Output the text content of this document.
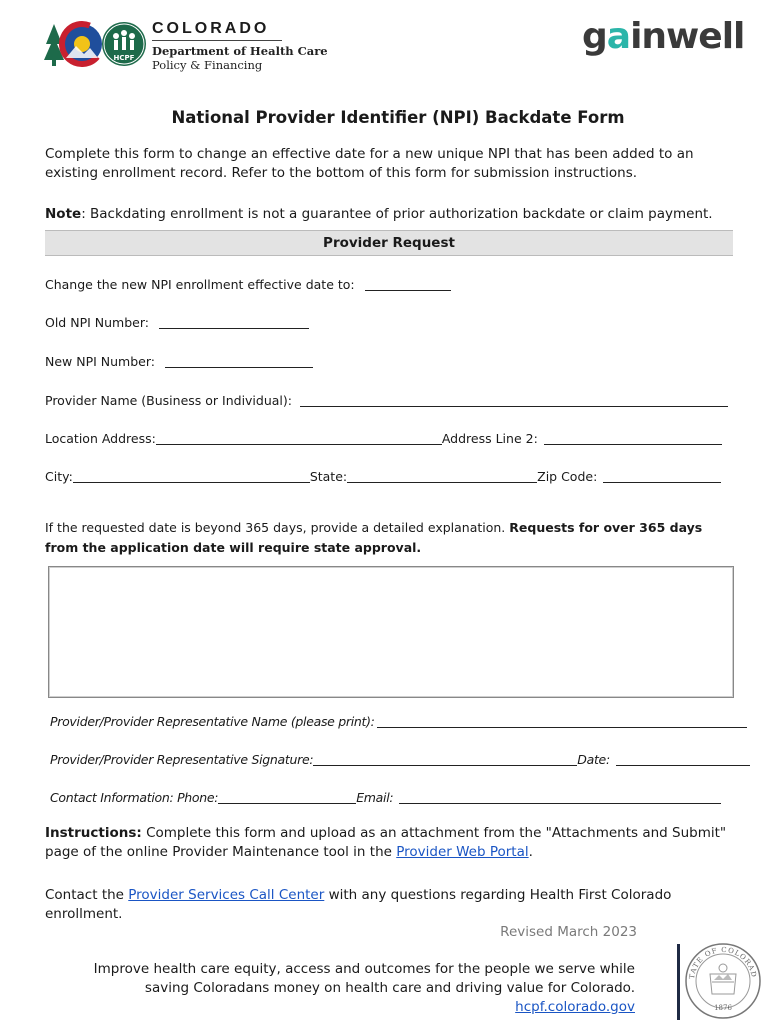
HCPF
COLORADO
Department of Health Care
Policy & Financing
gainwell
National Provider Identifier (NPI) Backdate Form
Complete this form to change an effective date for a new unique NPI that has been added to an existing enrollment record. Refer to the bottom of this form for submission instructions.
Note: Backdating enrollment is not a guarantee of prior authorization backdate or claim payment.
Provider Request
Change the new NPI enrollment effective date to:
Old NPI Number:
New NPI Number:
Provider Name (Business or Individual):
Location Address:	Address Line 2:
City:	State:	Zip Code:
If the requested date is beyond 365 days, provide a detailed explanation. Requests for over 365 days from the application date will require state approval.
Provider/Provider Representative Name (please print):
Provider/Provider Representative Signature:	Date:
Contact Information: Phone:	Email:
Instructions: Complete this form and upload as an attachment from the "Attachments and Submit" page of the online Provider Maintenance tool in the Provider Web Portal.
Contact the Provider Services Call Center with any questions regarding Health First Colorado enrollment.
Revised March 2023
Improve health care equity, access and outcomes for the people we serve while
saving Coloradans money on health care and driving value for Colorado.
hcpf.colorado.gov
TATE OF COLORAD
1876
